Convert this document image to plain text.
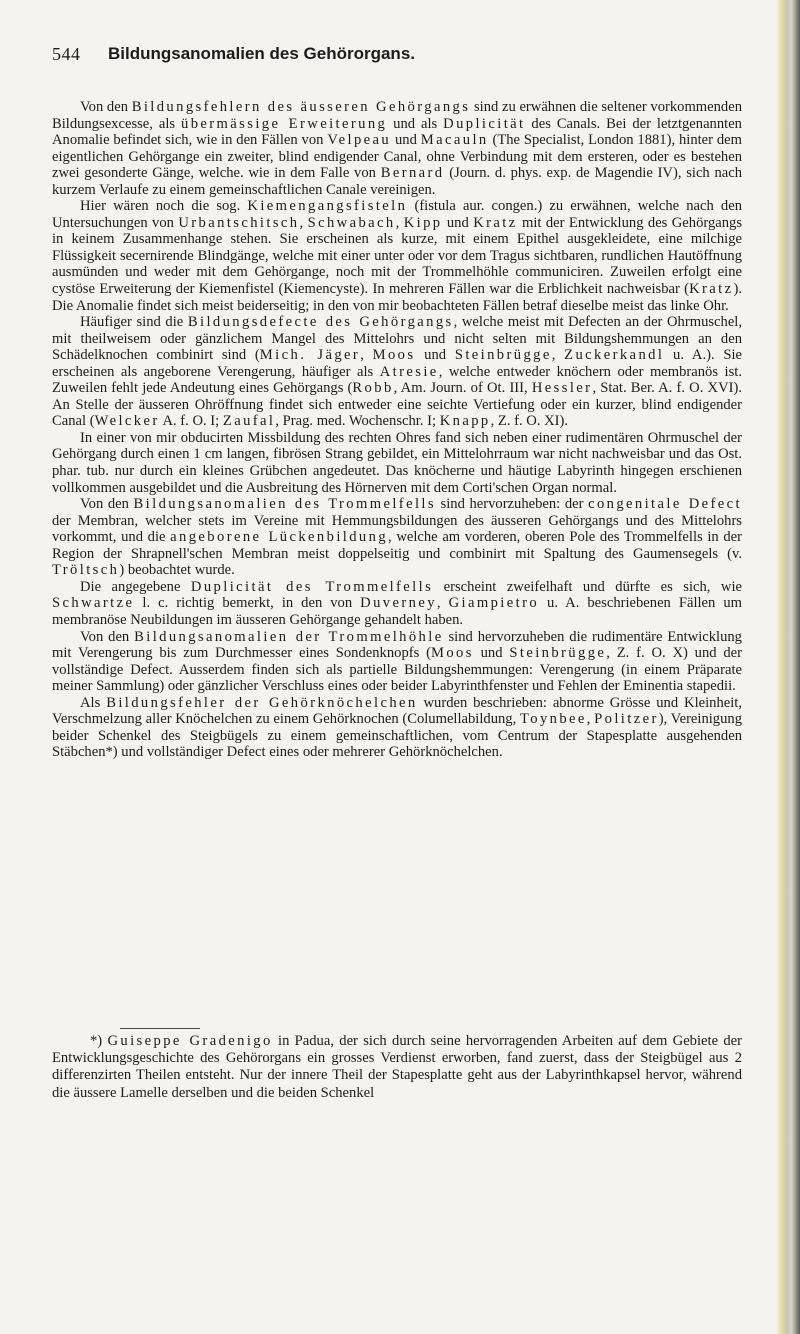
544 Bildungsanomalien des Gehörorgans.

Von den Bildungsfehlern des äusseren Gehörgangs sind zu erwähnen die seltener vorkommenden Bildungsexcesse, als übermässige Erweiterung und als Duplicität des Canals. Bei der letztgenannten Anomalie befindet sich, wie in den Fällen von Velpeau und Macauln (The Specialist, London 1881), hinter dem eigentlichen Gehörgange ein zweiter, blind endigender Canal, ohne Verbindung mit dem ersteren, oder es bestehen zwei gesonderte Gänge, welche. wie in dem Falle von Bernard (Journ. d. phys. exp. de Magendie IV), sich nach kurzem Verlaufe zu einem gemeinschaftlichen Canale vereinigen.

Hier wären noch die sog. Kiemengangsfisteln (fistula aur. congen.) zu erwähnen, welche nach den Untersuchungen von Urbantschitsch, Schwabach, Kipp und Kratz mit der Entwicklung des Gehörgangs in keinem Zusammenhange stehen. Sie erscheinen als kurze, mit einem Epithel ausgekleidete, eine milchige Flüssigkeit secernirende Blindgänge, welche mit einer unter oder vor dem Tragus sichtbaren, rundlichen Hautöffnung ausmünden und weder mit dem Gehörgange, noch mit der Trommelhöhle communiciren. Zuweilen erfolgt eine cystöse Erweiterung der Kiemenfistel (Kiemencyste). In mehreren Fällen war die Erblichkeit nachweisbar (Kratz). Die Anomalie findet sich meist beiderseitig; in den von mir beobachteten Fällen betraf dieselbe meist das linke Ohr.

Häufiger sind die Bildungsdefecte des Gehörgangs, welche meist mit Defecten an der Ohrmuschel, mit theilweisem oder gänzlichem Mangel des Mittelohrs und nicht selten mit Bildungshemmungen an den Schädelknochen combinirt sind (Mich. Jäger, Moos und Steinbrügge, Zuckerkandl u. A.). Sie erscheinen als angeborene Verengerung, häufiger als Atresie, welche entweder knöchern oder membranös ist. Zuweilen fehlt jede Andeutung eines Gehörgangs (Robb, Am. Journ. of Ot. III, Hessler, Stat. Ber. A. f. O. XVI). An Stelle der äusseren Ohröffnung findet sich entweder eine seichte Vertiefung oder ein kurzer, blind endigender Canal (Welcker A. f. O. I; Zaufal, Prag. med. Wochenschr. I; Knapp, Z. f. O. XI).

In einer von mir obducirten Missbildung des rechten Ohres fand sich neben einer rudimentären Ohrmuschel der Gehörgang durch einen 1 cm langen, fibrösen Strang gebildet, ein Mittelohrraum war nicht nachweisbar und das Ost. phar. tub. nur durch ein kleines Grübchen angedeutet. Das knöcherne und häutige Labyrinth hingegen erschienen vollkommen ausgebildet und die Ausbreitung des Hörnerven mit dem Corti'schen Organ normal.

Von den Bildungsanomalien des Trommelfells sind hervorzuheben: der congenitale Defect der Membran, welcher stets im Vereine mit Hemmungsbildungen des äusseren Gehörgangs und des Mittelohrs vorkommt, und die angeborene Lückenbildung, welche am vorderen, oberen Pole des Trommelfells in der Region der Shrapnell'schen Membran meist doppelseitig und combinirt mit Spaltung des Gaumensegels (v. Tröltsch) beobachtet wurde.

Die angegebene Duplicität des Trommelfells erscheint zweifelhaft und dürfte es sich, wie Schwartze l. c. richtig bemerkt, in den von Duverney, Giampietro u. A. beschriebenen Fällen um membranöse Neubildungen im äusseren Gehörgange gehandelt haben.

Von den Bildungsanomalien der Trommelhöhle sind hervorzuheben die rudimentäre Entwicklung mit Verengerung bis zum Durchmesser eines Sondenknopfs (Moos und Steinbrügge, Z. f. O. X) und der vollständige Defect. Ausserdem finden sich als partielle Bildungshemmungen: Verengerung (in einem Präparate meiner Sammlung) oder gänzlicher Verschluss eines oder beider Labyrinthfenster und Fehlen der Eminentia stapedii.

Als Bildungsfehler der Gehörknöchelchen wurden beschrieben: abnorme Grösse und Kleinheit, Verschmelzung aller Knöchelchen zu einem Gehörknochen (Columellabildung, Toynbee, Politzer), Vereinigung beider Schenkel des Steigbügels zu einem gemeinschaftlichen, vom Centrum der Stapesplatte ausgehenden Stäbchen*) und vollständiger Defect eines oder mehrerer Gehörknöchelchen.

*) Guiseppe Gradenigo in Padua, der sich durch seine hervorragenden Arbeiten auf dem Gebiete der Entwicklungsgeschichte des Gehörorgans ein grosses Verdienst erworben, fand zuerst, dass der Steigbügel aus 2 differenzirten Theilen entsteht. Nur der innere Theil der Stapesplatte geht aus der Labyrinthkapsel hervor, während die äussere Lamelle derselben und die beiden Schenkel
